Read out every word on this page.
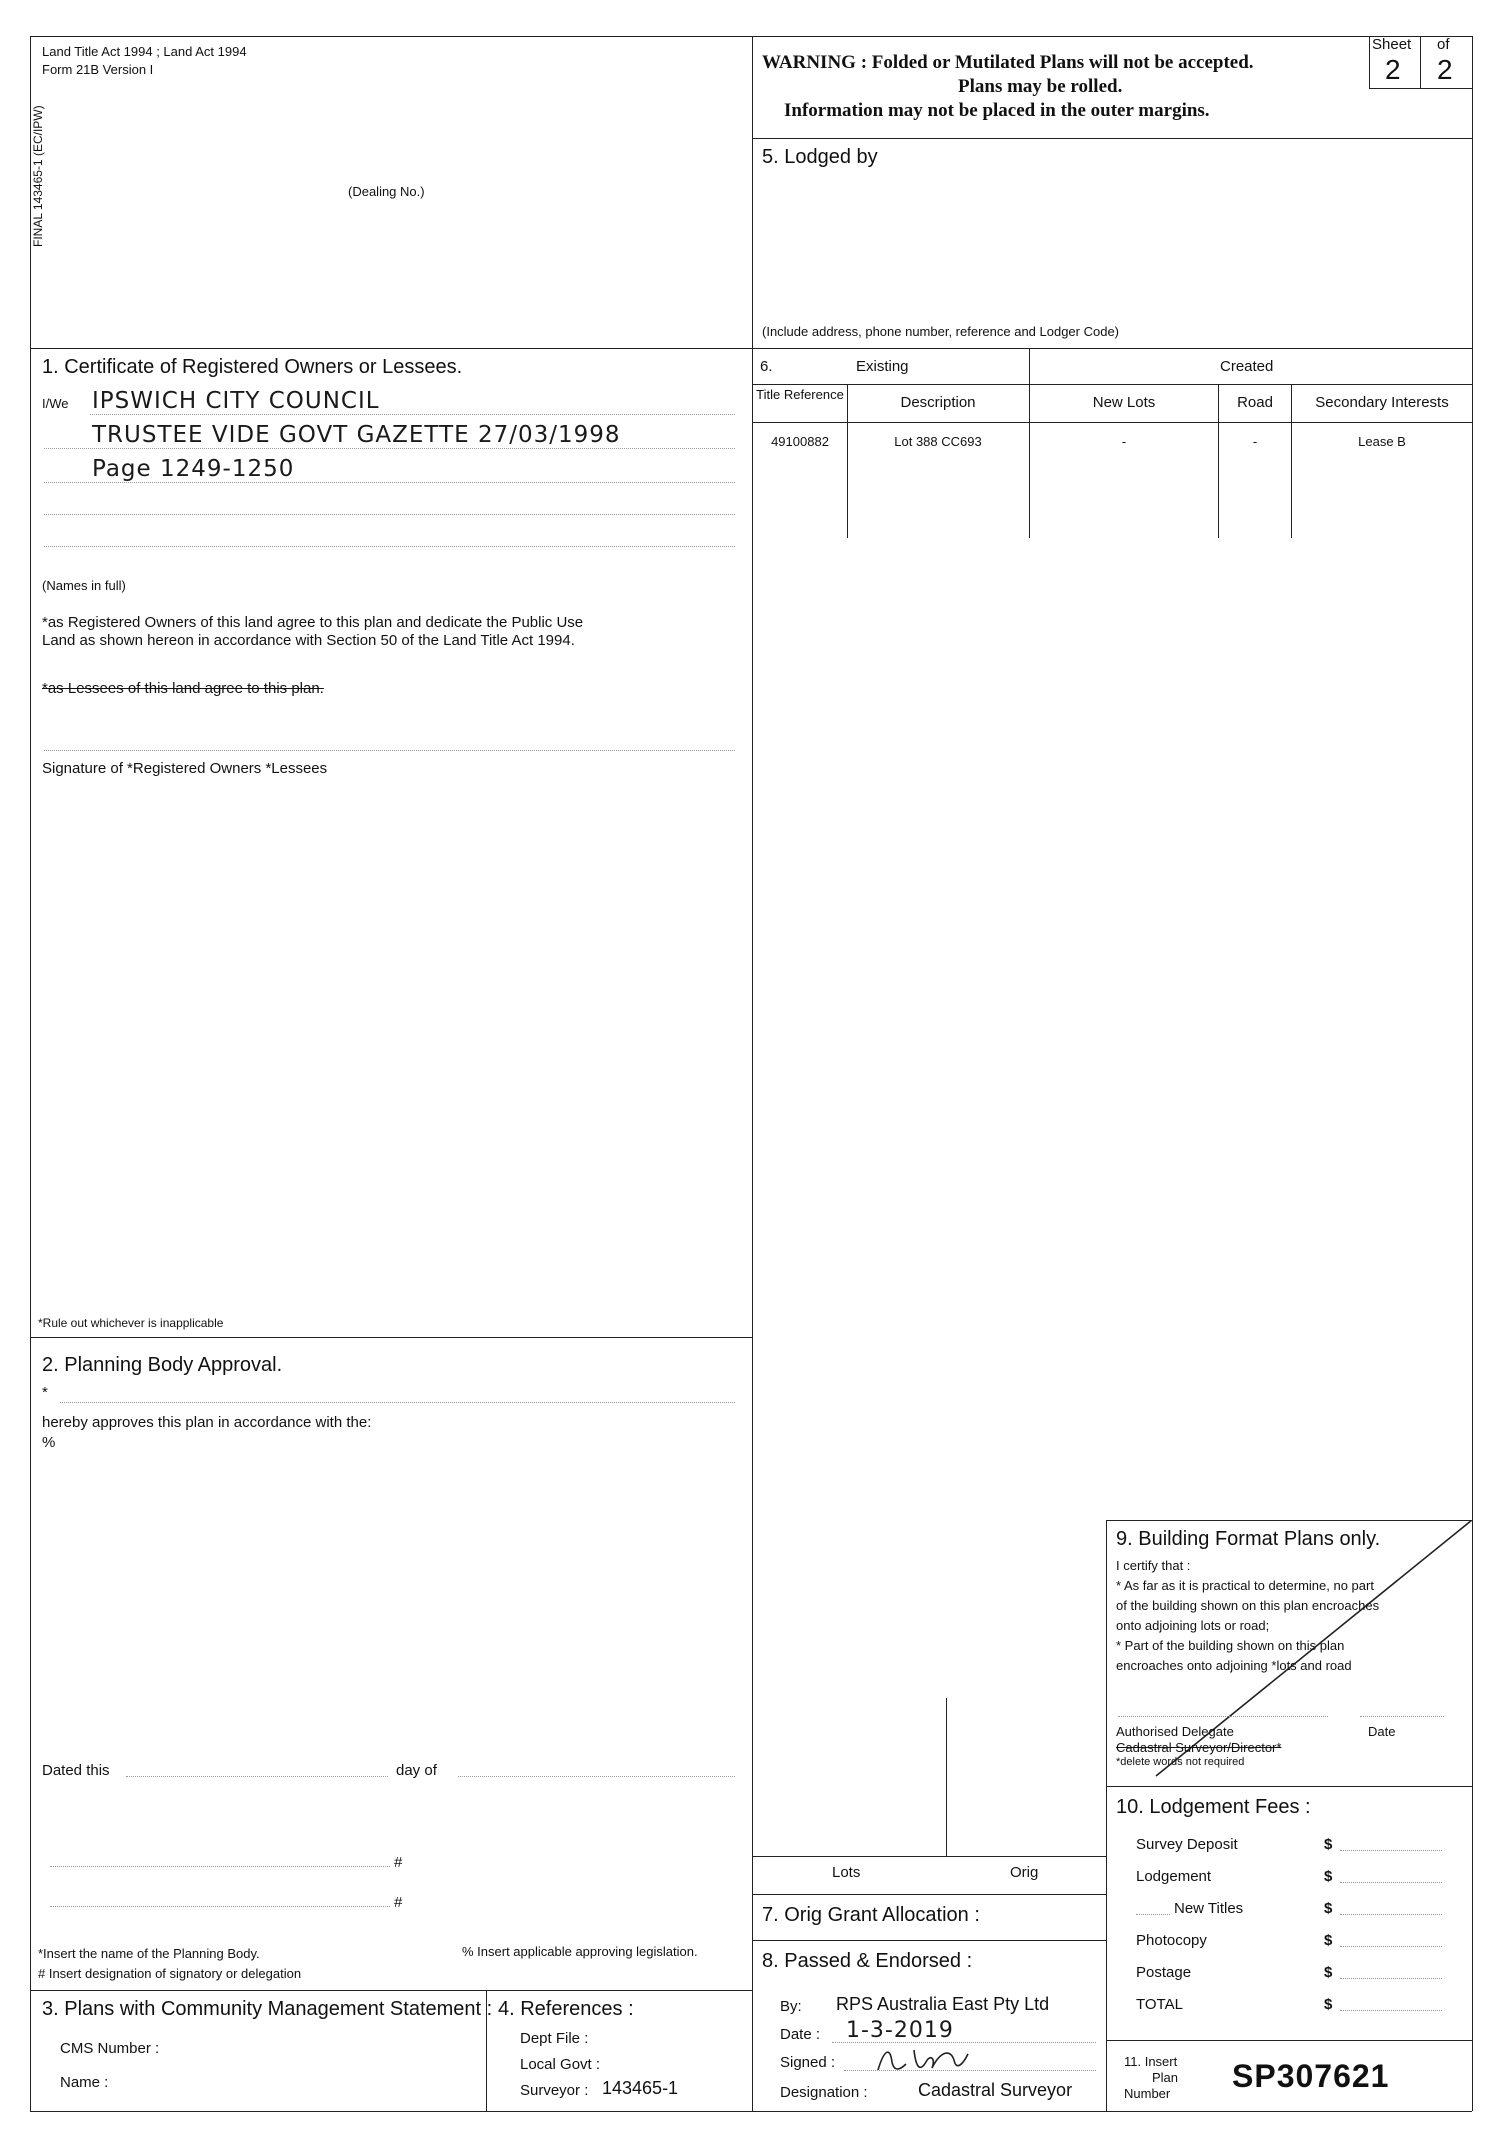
FINAL 143465-1 (EC/IPW)
Land Title Act 1994 ; Land Act 1994
Form 21B Version I
(Dealing No.)
WARNING : Folded or Mutilated Plans will not be accepted.
Plans may be rolled.
Information may not be placed in the outer margins.
Sheet of
2 2
5. Lodged by
(Include address, phone number, reference and Lodger Code)
1. Certificate of Registered Owners or Lessees.
I/We IPSWICH CITY COUNCIL
TRUSTEE VIDE GOVT GAZETTE 27/03/1998
Page 1249-1250
(Names in full)
*as Registered Owners of this land agree to this plan and dedicate the Public Use
Land as shown hereon in accordance with Section 50 of the Land Title Act 1994.
*as Lessees of this land agree to this plan.
Signature of *Registered Owners *Lessees
*Rule out whichever is inapplicable
2. Planning Body Approval.
*
hereby approves this plan in accordance with the:
%
Dated this	day of
#
#
*Insert the name of the Planning Body.	% Insert applicable approving legislation.
# Insert designation of signatory or delegation
3. Plans with Community Management Statement :
CMS Number :
Name :
4. References :
Dept File :
Local Govt :
Surveyor : 143465-1
6.	Existing	Created
Title Reference	Description	New Lots	Road	Secondary Interests
49100882	Lot 388 CC693	-	-	Lease B
Lots	Orig
7. Orig Grant Allocation :
8. Passed & Endorsed :
By: RPS Australia East Pty Ltd
Date : 1-3-2019
Signed :
Designation :	Cadastral Surveyor
9. Building Format Plans only.
I certify that :
* As far as it is practical to determine, no part
of the building shown on this plan encroaches
onto adjoining lots or road;
* Part of the building shown on this plan
encroaches onto adjoining *lots and road
Authorised Delegate	Date
Cadastral Surveyor/Director*
*delete words not required
10. Lodgement Fees :
Survey Deposit	$
Lodgement	$
New Titles	$
Photocopy	$
Postage	$
TOTAL	$
11. Insert
Plan
Number SP307621
